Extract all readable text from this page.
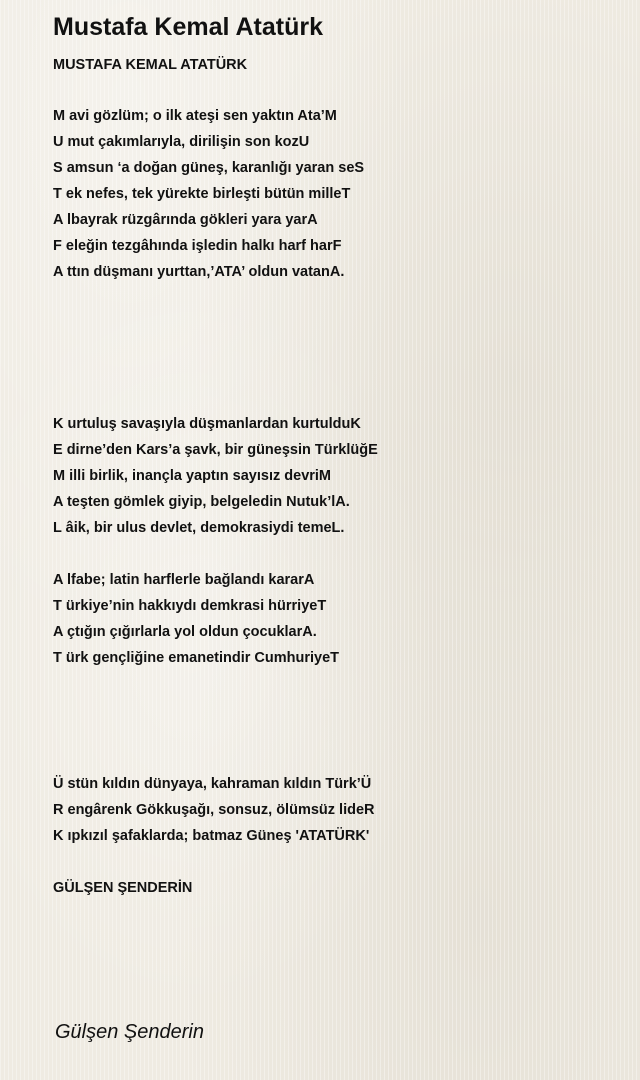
Mustafa Kemal Atatürk
MUSTAFA KEMAL ATATÜRK
M avi gözlüm; o ilk ateşi sen yaktın Ata’M
U mut çakımlarıyla, dirilişin son kozU
S amsun ‘a doğan güneş, karanlığı yaran seS
T ek nefes, tek yürekte birleşti bütün milleT
A lbayrak rüzgârında gökleri yara yarA
F eleğin tezgâhında işledin halkı harf harF
A ttın düşmanı yurttan,’ATA’ oldun vatanA.
K urtuluş savaşıyla düşmanlardan kurtulduK
E dirne’den Kars’a şavk, bir güneşsin TürklüğE
M illi birlik, inançla yaptın sayısız devriM
A teşten gömlek giyip, belgeledin Nutuk’lA.
L âik, bir ulus devlet, demokrasiydi temeL.
A lfabe; latin harflerle bağlandı kararA
T ürkiye’nin hakkıydı demkrasi hürriyeT
A çtığın çığırlarla yol oldun çocuklarA.
T ürk gençliğine emanetindir CumhuriyeT
Ü stün kıldın dünyaya, kahraman kıldın Türk’Ü
R engârenk Gökkuşağı, sonsuz, ölümsüz lideR
K ıpkızıl şafaklarda; batmaz Güneş 'ATATÜRK'
GÜLŞEN ŞENDERİN
Gülşen Şenderin
